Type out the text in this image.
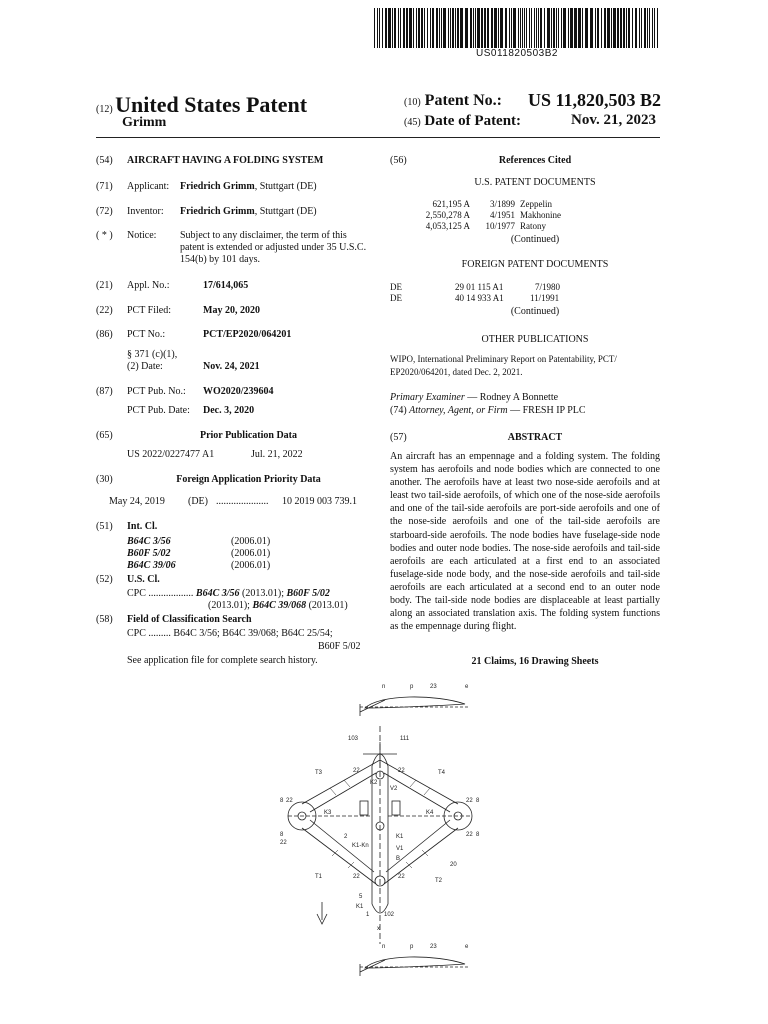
US011820503B2
(12) United States Patent
Grimm
(10) Patent No.: US 11,820,503 B2
(45) Date of Patent:	Nov. 21, 2023
(54) AIRCRAFT HAVING A FOLDING SYSTEM
(71) Applicant: Friedrich Grimm, Stuttgart (DE)
(72) Inventor: Friedrich Grimm, Stuttgart (DE)
( * ) Notice: Subject to any disclaimer, the term of this patent is extended or adjusted under 35 U.S.C. 154(b) by 101 days.
(21) Appl. No.:	17/614,065
(22) PCT Filed:	May 20, 2020
(86) PCT No.:	PCT/EP2020/064201
§ 371 (c)(1),
(2) Date:	Nov. 24, 2021
(87) PCT Pub. No.: WO2020/239604
PCT Pub. Date: Dec. 3, 2020
(65)	Prior Publication Data
US 2022/0227477 A1	Jul. 21, 2022
(30)	Foreign Application Priority Data
May 24, 2019 (DE) ..................... 10 2019 003 739.1
(51) Int. Cl.
B64C 3/56	(2006.01)
B60F 5/02	(2006.01)
B64C 39/06	(2006.01)
(52) U.S. Cl.
CPC .................. B64C 3/56 (2013.01); B60F 5/02
(2013.01); B64C 39/068 (2013.01)
(58) Field of Classification Search
CPC ......... B64C 3/56; B64C 39/068; B64C 25/54;
B60F 5/02
See application file for complete search history.
(56)	References Cited
U.S. PATENT DOCUMENTS
621,195 A	3/1899 Zeppelin
2,550,278 A	4/1951 Makhonine
4,053,125 A	10/1977 Ratony
(Continued)
FOREIGN PATENT DOCUMENTS
DE	29 01 115 A1	7/1980
DE	40 14 933 A1	11/1991
(Continued)
OTHER PUBLICATIONS
WIPO, International Preliminary Report on Patentability, PCT/
EP2020/064201, dated Dec. 2, 2021.
Primary Examiner — Rodney A Bonnette
(74) Attorney, Agent, or Firm — FRESH IP PLC
(57)	ABSTRACT
An aircraft has an empennage and a folding system. The folding system has aerofoils and node bodies which are connected to one another. The aerofoils have at least two nose-side aerofoils and at least two tail-side aerofoils, of which one of the nose-side aerofoils and one of the tail-side aerofoils are port-side aerofoils and one of the nose-side aerofoils and one of the tail-side aerofoils are starboard-side aerofoils. The node bodies have fuselage-side node bodies and outer node bodies. The nose-side aerofoils and tail-side aerofoils are each articulated at a first end to an associated fuselage-side node body, and the nose-side aerofoils and tail-side aerofoils are each articulated at a second end to an outer node body. The tail-side node bodies are displaceable at least partially along an associated translation axis. The folding system functions as the empennage during flight.
21 Claims, 16 Drawing Sheets
n	p	23	e
103	111
T3	T4
22	22
8 22	22 8
K3	K4
K2
V2
2	K1
V1
K1-Kn
B
8
22
22 8
20
T1
T2
22	22
5
K1
1 102
x
n	p	23	e
